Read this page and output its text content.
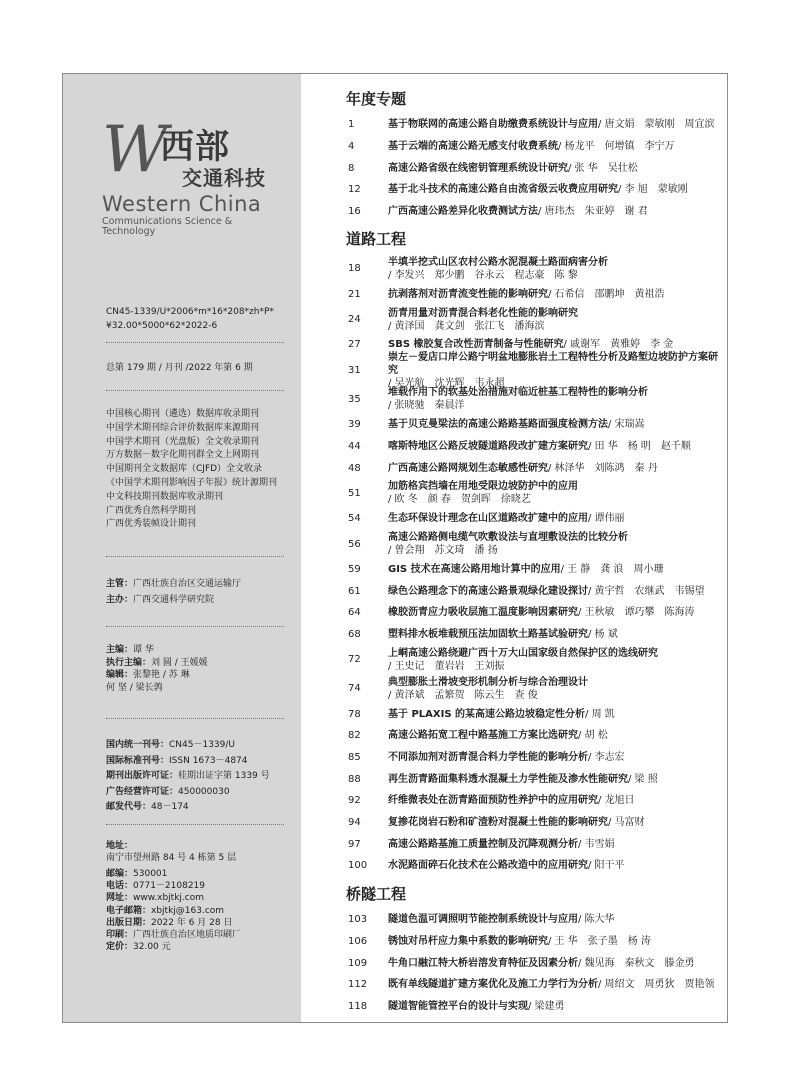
W
西部
交通科技
Western China
Communications Science & Technology
CN45-1339/U*2006*m*16*208*zh*P*
¥32.00*5000*62*2022-6
总第 179 期 / 月刊 /2022 年第 6 期
中国核心期刊（遴选）数据库收录期刊
中国学术期刊综合评价数据库来源期刊
中国学术期刊（光盘版）全文收录期刊
万方数据－数字化期刊群全文上网期刊
中国期刊全文数据库（CJFD）全文收录
《中国学术期刊影响因子年报》统计源期刊
中文科技期刊数据库收录期刊
广西优秀自然科学期刊
广西优秀装帧设计期刊
主管：广西壮族自治区交通运输厅
主办：广西交通科学研究院
主编：谭 华
执行主编：刘 圆 / 王媛媛
编辑：张黎艳 / 苏 琳
何 坚 / 梁长鹑
国内统一刊号：CN45－1339/U
国际标准刊号：ISSN 1673－4874
期刊出版许可证：桂期出证字第 1339 号
广告经营许可证：450000030
邮发代号：48－174
地址：
南宁市望州路 84 号 4 栋第 5 层
邮编：530001
电话：0771－2108219
网址：www.xbjtkj.com
电子邮箱：xbjtkj@163.com
出版日期：2022 年 6 月 28 日
印刷：广西壮族自治区地质印刷厂
定价：32.00 元
年度专题
1	基于物联网的高速公路自助缴费系统设计与应用/ 唐文娟　蒙敏刚　周宜滨
4	基于云端的高速公路无感支付收费系统/ 杨龙平　何增镇　李宁万
8	高速公路省级在线密钥管理系统设计研究/ 张 华　吴壮松
12	基于北斗技术的高速公路自由流省级云收费应用研究/ 李 旭　蒙敏刚
16	广西高速公路差异化收费测试方法/ 唐玮杰　朱亚婷　谢 君
道路工程
18
半填半挖式山区农村公路水泥混凝土路面病害分析
/ 李发兴　郑少鹏　谷永云　程志豪　陈 黎
21	抗剥落剂对沥青流变性能的影响研究/ 石希信　邵鹏坤　黄祖浩
24
沥青用量对沥青混合料老化性能的影响研究
/ 黄泽国　龚文剑　张江飞　潘海滨
27	SBS 橡胶复合改性沥青制备与性能研究/ 戚谢军　黄雅婷　李 金
31
崇左－爱店口岸公路宁明盆地膨胀岩土工程特性分析及路堑边坡防护方案研究
/ 吴光航　沈光辉　韦永超
35
堆载作用下的软基处治措施对临近桩基工程特性的影响分析
/ 张晓驰　秦晨洋
39	基于贝克曼梁法的高速公路路基路面强度检测方法/ 宋瑞嵩
44	喀斯特地区公路反坡隧道路段改扩建方案研究/ 田 华　杨 明　赵千顺
48	广西高速公路网规划生态敏感性研究/ 林泽华　刘陈鸿　秦 丹
51
加筋格宾挡墙在用地受限边坡防护中的应用
/ 欧 冬　颜 春　贺剑晖　徐晓艺
54	生态环保设计理念在山区道路改扩建中的应用/ 谭伟丽
56
高速公路路侧电缆气吹敷设法与直埋敷设法的比较分析
/ 曾会翔　苏文琦　潘 扬
59	GIS 技术在高速公路用地计算中的应用/ 王 静　龚 浪　周小珊
61	绿色公路理念下的高速公路景观绿化建设探讨/ 黄宇哲　农继武　韦锡望
64	橡胶沥青应力吸收层施工温度影响因素研究/ 王秋敏　谭巧攀　陈海涛
68	塑料排水板堆载预压法加固软土路基试验研究/ 杨 斌
72
上峒高速公路绕避广西十万大山国家级自然保护区的选线研究
/ 王史记　董岩岩　王刘振
74
典型膨胀土滑坡变形机制分析与综合治理设计
/ 黄泽斌　孟繁贺　陈云生　查 俊
78	基于 PLAXIS 的某高速公路边坡稳定性分析/ 周 凯
82	高速公路拓宽工程中路基施工方案比选研究/ 胡 松
85	不同添加剂对沥青混合料力学性能的影响分析/ 李志宏
88	再生沥青路面集料透水混凝土力学性能及渗水性能研究/ 梁 照
92	纤维微表处在沥青路面预防性养护中的应用研究/ 龙旭日
94	复掺花岗岩石粉和矿渣粉对混凝土性能的影响研究/ 马富财
97	高速公路路基施工质量控制及沉降观测分析/ 韦雪娟
100	水泥路面碎石化技术在公路改造中的应用研究/ 阳干平
桥隧工程
103	隧道色温可调照明节能控制系统设计与应用/ 陈大华
106	锈蚀对吊杆应力集中系数的影响研究/ 王 华　张子墨　杨 涛
109	牛角口融江特大桥岩溶发育特征及因素分析/ 魏见海　秦秋文　滕金勇
112	既有单线隧道扩建方案优化及施工力学行为分析/ 周绍文　周勇狄　贾艳领
118	隧道智能管控平台的设计与实现/ 梁建勇
